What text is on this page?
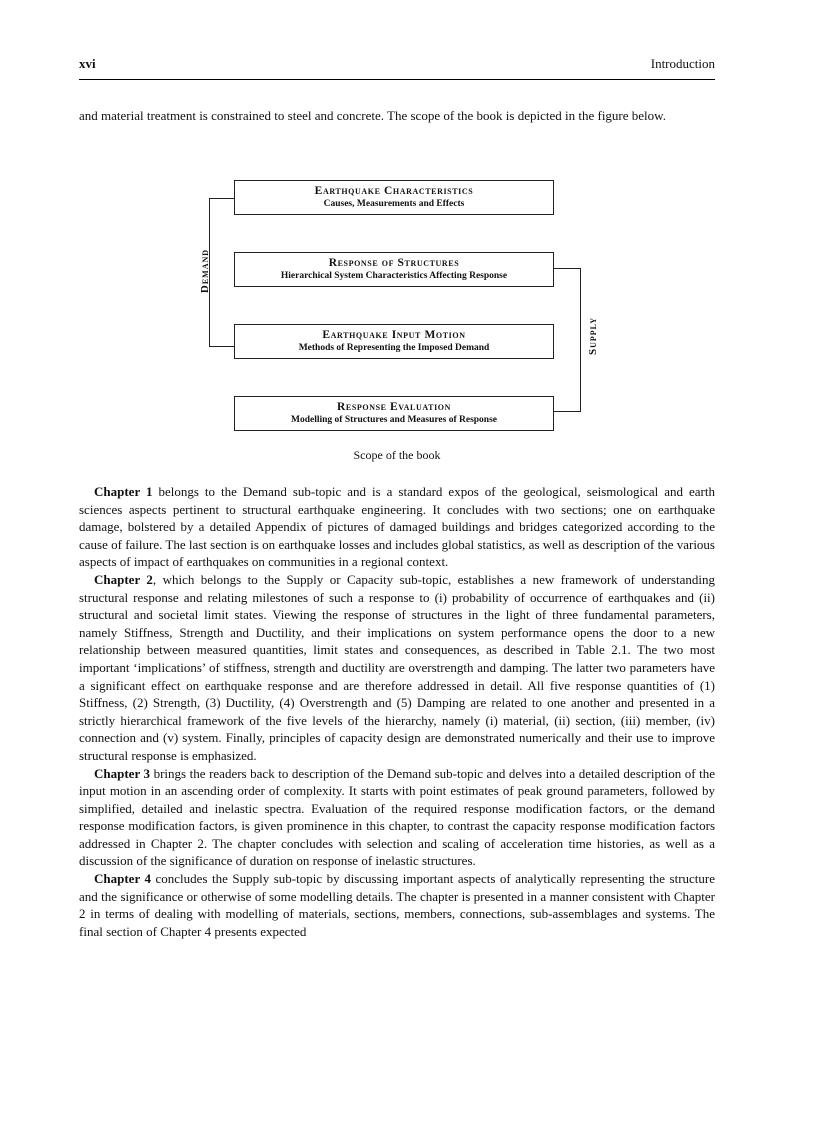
xvi	Introduction

and material treatment is constrained to steel and concrete. The scope of the book is depicted in the figure below.

Earthquake Characteristics
Causes, Measurements and Effects
Response of Structures
Hierarchical System Characteristics Affecting Response
Earthquake Input Motion
Methods of Representing the Imposed Demand
Response Evaluation
Modelling of Structures and Measures of Response
Demand
Supply
Scope of the book

Chapter 1 belongs to the Demand sub-topic and is a standard expos of the geological, seismological and earth sciences aspects pertinent to structural earthquake engineering. It concludes with two sections; one on earthquake damage, bolstered by a detailed Appendix of pictures of damaged buildings and bridges categorized according to the cause of failure. The last section is on earthquake losses and includes global statistics, as well as description of the various aspects of impact of earthquakes on communities in a regional context.

Chapter 2, which belongs to the Supply or Capacity sub-topic, establishes a new framework of understanding structural response and relating milestones of such a response to (i) probability of occurrence of earthquakes and (ii) structural and societal limit states. Viewing the response of structures in the light of three fundamental parameters, namely Stiffness, Strength and Ductility, and their implications on system performance opens the door to a new relationship between measured quantities, limit states and consequences, as described in Table 2.1. The two most important ‘implications’ of stiffness, strength and ductility are overstrength and damping. The latter two parameters have a significant effect on earthquake response and are therefore addressed in detail. All five response quantities of (1) Stiffness, (2) Strength, (3) Ductility, (4) Overstrength and (5) Damping are related to one another and presented in a strictly hierarchical framework of the five levels of the hierarchy, namely (i) material, (ii) section, (iii) member, (iv) connection and (v) system. Finally, principles of capacity design are demonstrated numerically and their use to improve structural response is emphasized.

Chapter 3 brings the readers back to description of the Demand sub-topic and delves into a detailed description of the input motion in an ascending order of complexity. It starts with point estimates of peak ground parameters, followed by simplified, detailed and inelastic spectra. Evaluation of the required response modification factors, or the demand response modification factors, is given prominence in this chapter, to contrast the capacity response modification factors addressed in Chapter 2. The chapter concludes with selection and scaling of acceleration time histories, as well as a discussion of the significance of duration on response of inelastic structures.

Chapter 4 concludes the Supply sub-topic by discussing important aspects of analytically representing the structure and the significance or otherwise of some modelling details. The chapter is presented in a manner consistent with Chapter 2 in terms of dealing with modelling of materials, sections, members, connections, sub-assemblages and systems. The final section of Chapter 4 presents expected
